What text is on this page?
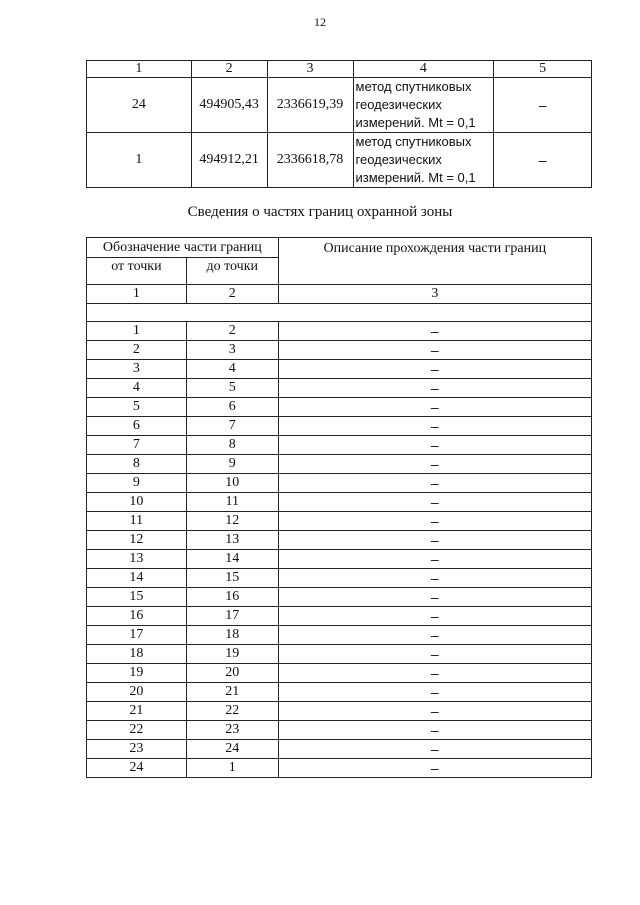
12
1	2	3	4	5
24	494905,43	2336619,39	метод спутниковых
геодезических
измерений. Mt = 0,1	–
1	494912,21	2336618,78	метод спутниковых
геодезических
измерений. Mt = 0,1	–
Сведения о частях границ охранной зоны
Обозначение части границ		Описание прохождения части границ
от точки	до точки	
1	2	3

1	2	–
2	3	–
3	4	–
4	5	–
5	6	–
6	7	–
7	8	–
8	9	–
9	10	–
10	11	–
11	12	–
12	13	–
13	14	–
14	15	–
15	16	–
16	17	–
17	18	–
18	19	–
19	20	–
20	21	–
21	22	–
22	23	–
23	24	–
24	1	–
